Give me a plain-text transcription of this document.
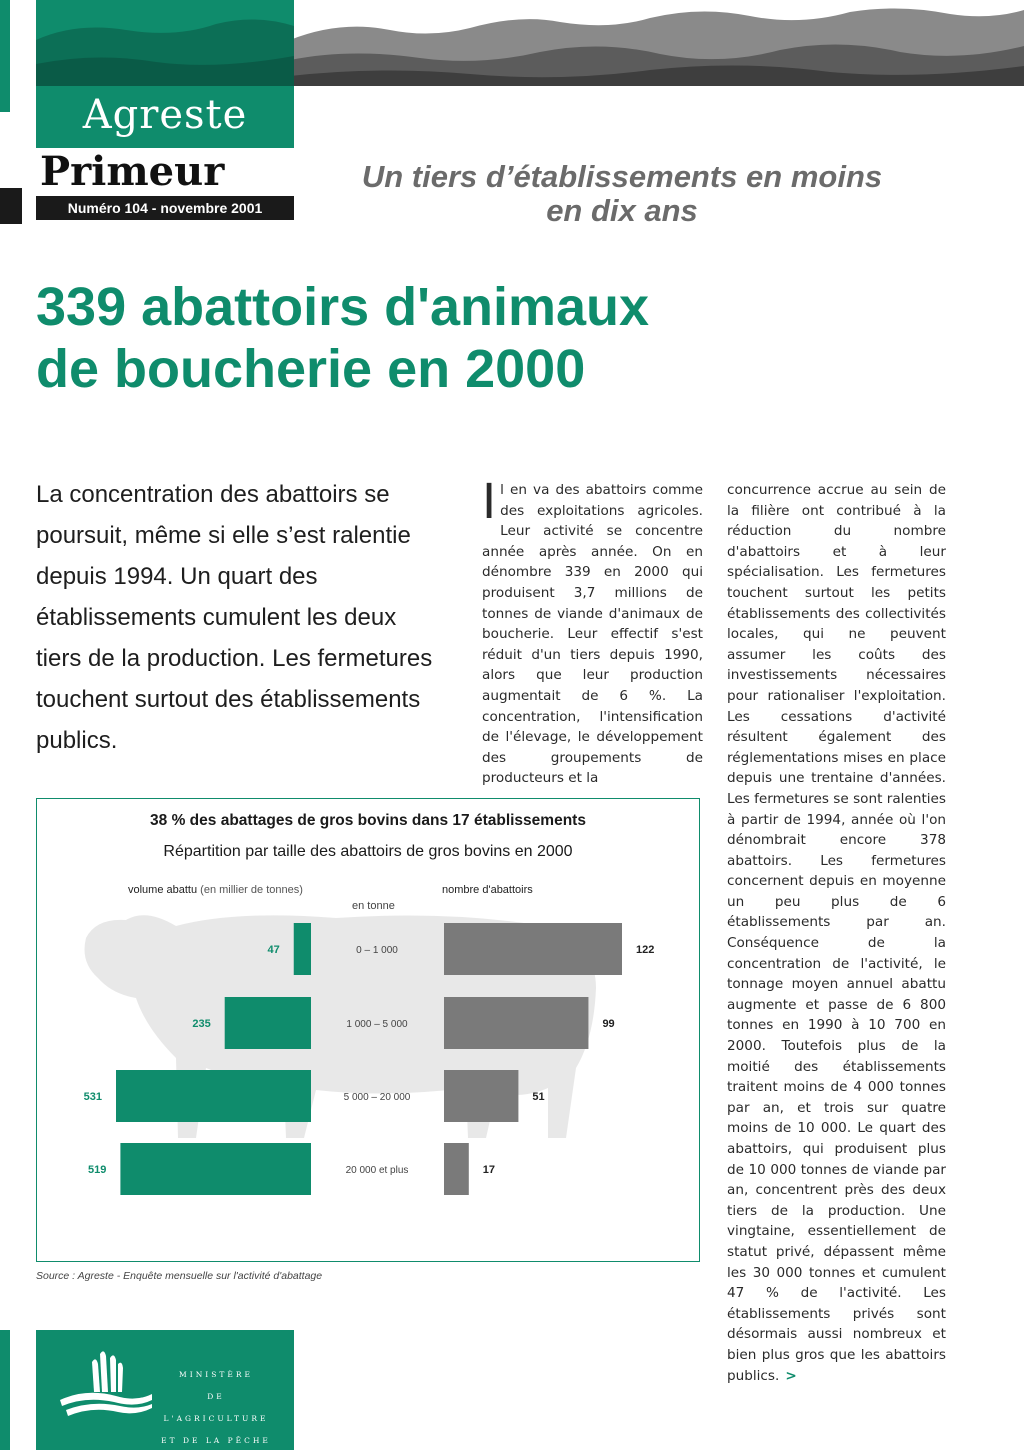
Agreste
Primeur
Numéro 104 - novembre 2001
Un tiers d’établissements en moins
en dix ans
339 abattoirs d'animaux
de boucherie en 2000
La concentration des abattoirs se poursuit, même si elle s’est ralentie depuis 1994. Un quart des établissements cumulent les deux tiers de la production. Les fermetures touchent surtout des établissements publics.
Il en va des abattoirs comme des exploitations agricoles. Leur activité se concentre année après année. On en dénombre 339 en 2000 qui produisent 3,7 millions de tonnes de viande d'animaux de boucherie. Leur effectif s'est réduit d'un tiers depuis 1990, alors que leur production augmentait de 6 %. La concentration, l'intensification de l'élevage, le développement des groupements de producteurs et la
concurrence accrue au sein de la filière ont contribué à la réduction du nombre d'abattoirs et à leur spécialisation. Les fermetures touchent surtout les petits établissements des collectivités locales, qui ne peuvent assumer les coûts des investissements nécessaires pour rationaliser l'exploitation. Les cessations d'activité résultent également des réglementations mises en place depuis une trentaine d'années. Les fermetures se sont ralenties à partir de 1994, année où l'on dénombrait encore 378 abattoirs. Les fermetures concernent depuis en moyenne un peu plus de 6 établissements par an. Conséquence de la concentration de l'activité, le tonnage moyen annuel abattu augmente et passe de 6 800 tonnes en 1990 à 10 700 en 2000. Toutefois plus de la moitié des établissements traitent moins de 4 000 tonnes par an, et trois sur quatre moins de 10 000. Le quart des abattoirs, qui produisent plus de 10 000 tonnes de viande par an, concentrent près des deux tiers de la production. Une vingtaine, essentiellement de statut privé, dépassent même les 30 000 tonnes et cumulent 47 % de l'activité. Les établissements privés sont désormais aussi nombreux et bien plus gros que les abattoirs publics. >
38 % des abattages de gros bovins dans 17 établissements
Répartition par taille des abattoirs de gros bovins en 2000
volume abattu (en millier de tonnes)
en tonne
nombre d'abattoirs
47	0 – 1 000	122
235	1 000 – 5 000	99
531	5 000 – 20 000	51
519	20 000 et plus	17
Source : Agreste - Enquête mensuelle sur l'activité d'abattage
MINISTÈRE
DE L'AGRICULTURE
ET DE LA PÊCHE
